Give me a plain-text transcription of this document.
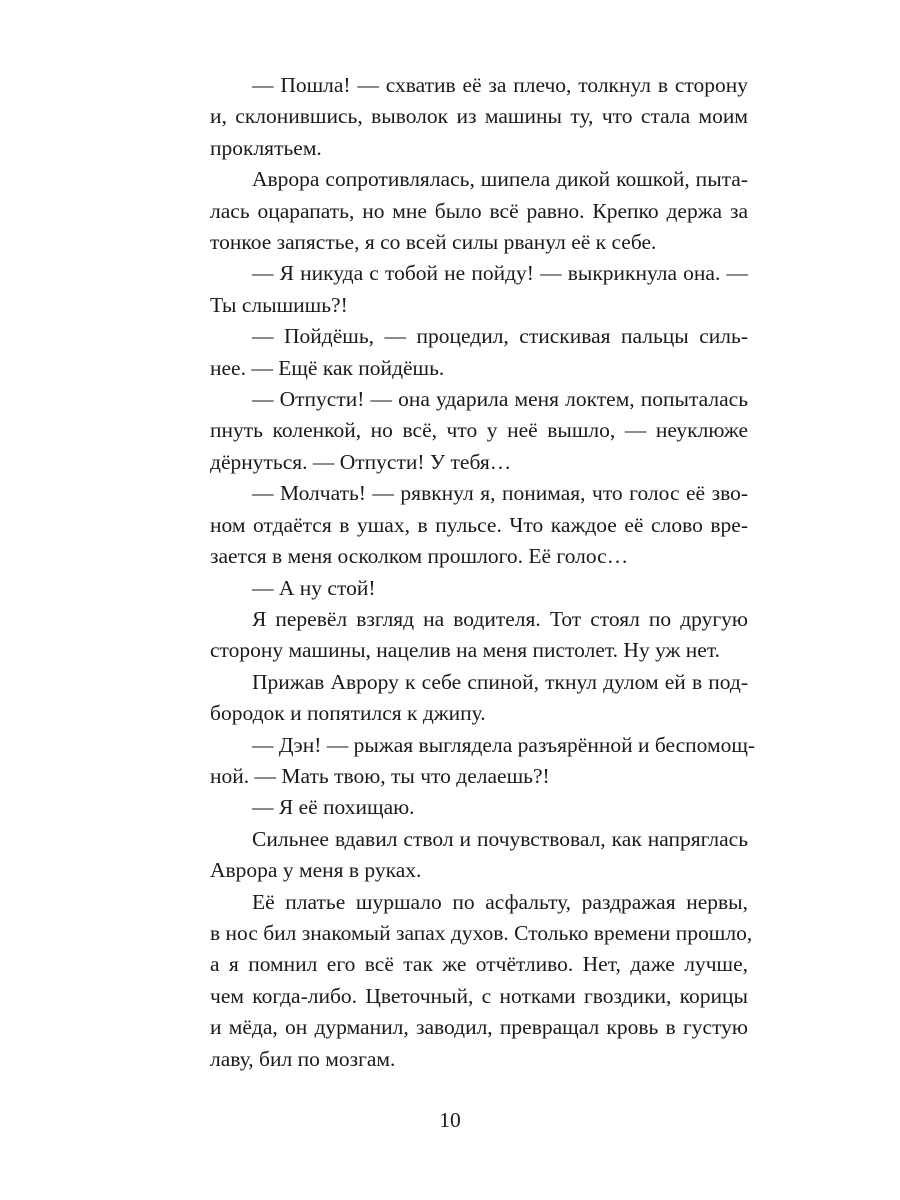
— Пошла! — схватив её за плечо, толкнул в сторону
и, склонившись, выволок из машины ту, что стала моим
проклятьем.
Аврора сопротивлялась, шипела дикой кошкой, пыта-
лась оцарапать, но мне было всё равно. Крепко держа за
тонкое запястье, я со всей силы рванул её к себе.
— Я никуда с тобой не пойду! — выкрикнула она. —
Ты слышишь?!
— Пойдёшь, — процедил, стискивая пальцы силь-
нее. — Ещё как пойдёшь.
— Отпусти! — она ударила меня локтем, попыталась
пнуть коленкой, но всё, что у неё вышло, — неуклюже
дёрнуться. — Отпусти! У тебя…
— Молчать! — рявкнул я, понимая, что голос её зво-
ном отдаётся в ушах, в пульсе. Что каждое её слово вре-
зается в меня осколком прошлого. Её голос…
— А ну стой!
Я перевёл взгляд на водителя. Тот стоял по другую
сторону машины, нацелив на меня пистолет. Ну уж нет.
Прижав Аврору к себе спиной, ткнул дулом ей в под-
бородок и попятился к джипу.
— Дэн! — рыжая выглядела разъярённой и беспомощ-
ной. — Мать твою, ты что делаешь?!
— Я её похищаю.
Сильнее вдавил ствол и почувствовал, как напряглась
Аврора у меня в руках.
Её платье шуршало по асфальту, раздражая нервы,
в нос бил знакомый запах духов. Столько времени прошло,
а я помнил его всё так же отчётливо. Нет, даже лучше,
чем когда-либо. Цветочный, с нотками гвоздики, корицы
и мёда, он дурманил, заводил, превращал кровь в густую
лаву, бил по мозгам.
10
